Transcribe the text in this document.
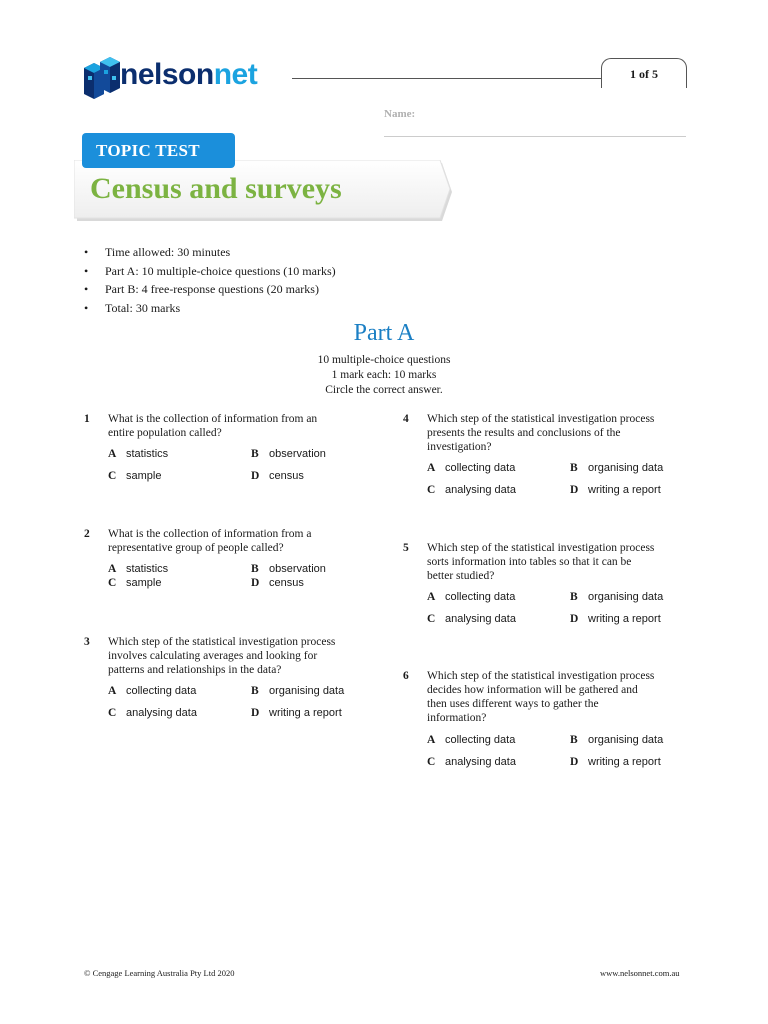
nelsonnet	1 of 5
Name:
TOPIC TEST
Census and surveys
• Time allowed: 30 minutes
• Part A: 10 multiple-choice questions (10 marks)
• Part B: 4 free-response questions (20 marks)
• Total: 30 marks
Part A
10 multiple-choice questions
1 mark each: 10 marks
Circle the correct answer.
1 What is the collection of information from an
entire population called?
A statistics	B observation
C sample	D census
2 What is the collection of information from a
representative group of people called?
A statistics	B observation
C sample	D census
3 Which step of the statistical investigation process
involves calculating averages and looking for
patterns and relationships in the data?
A collecting data	B organising data
C analysing data	D writing a report
4 Which step of the statistical investigation process
presents the results and conclusions of the
investigation?
A collecting data	B organising data
C analysing data	D writing a report
5 Which step of the statistical investigation process
sorts information into tables so that it can be
better studied?
A collecting data	B organising data
C analysing data	D writing a report
6 Which step of the statistical investigation process
decides how information will be gathered and
then uses different ways to gather the
information?
A collecting data	B organising data
C analysing data	D writing a report
© Cengage Learning Australia Pty Ltd 2020	www.nelsonnet.com.au
